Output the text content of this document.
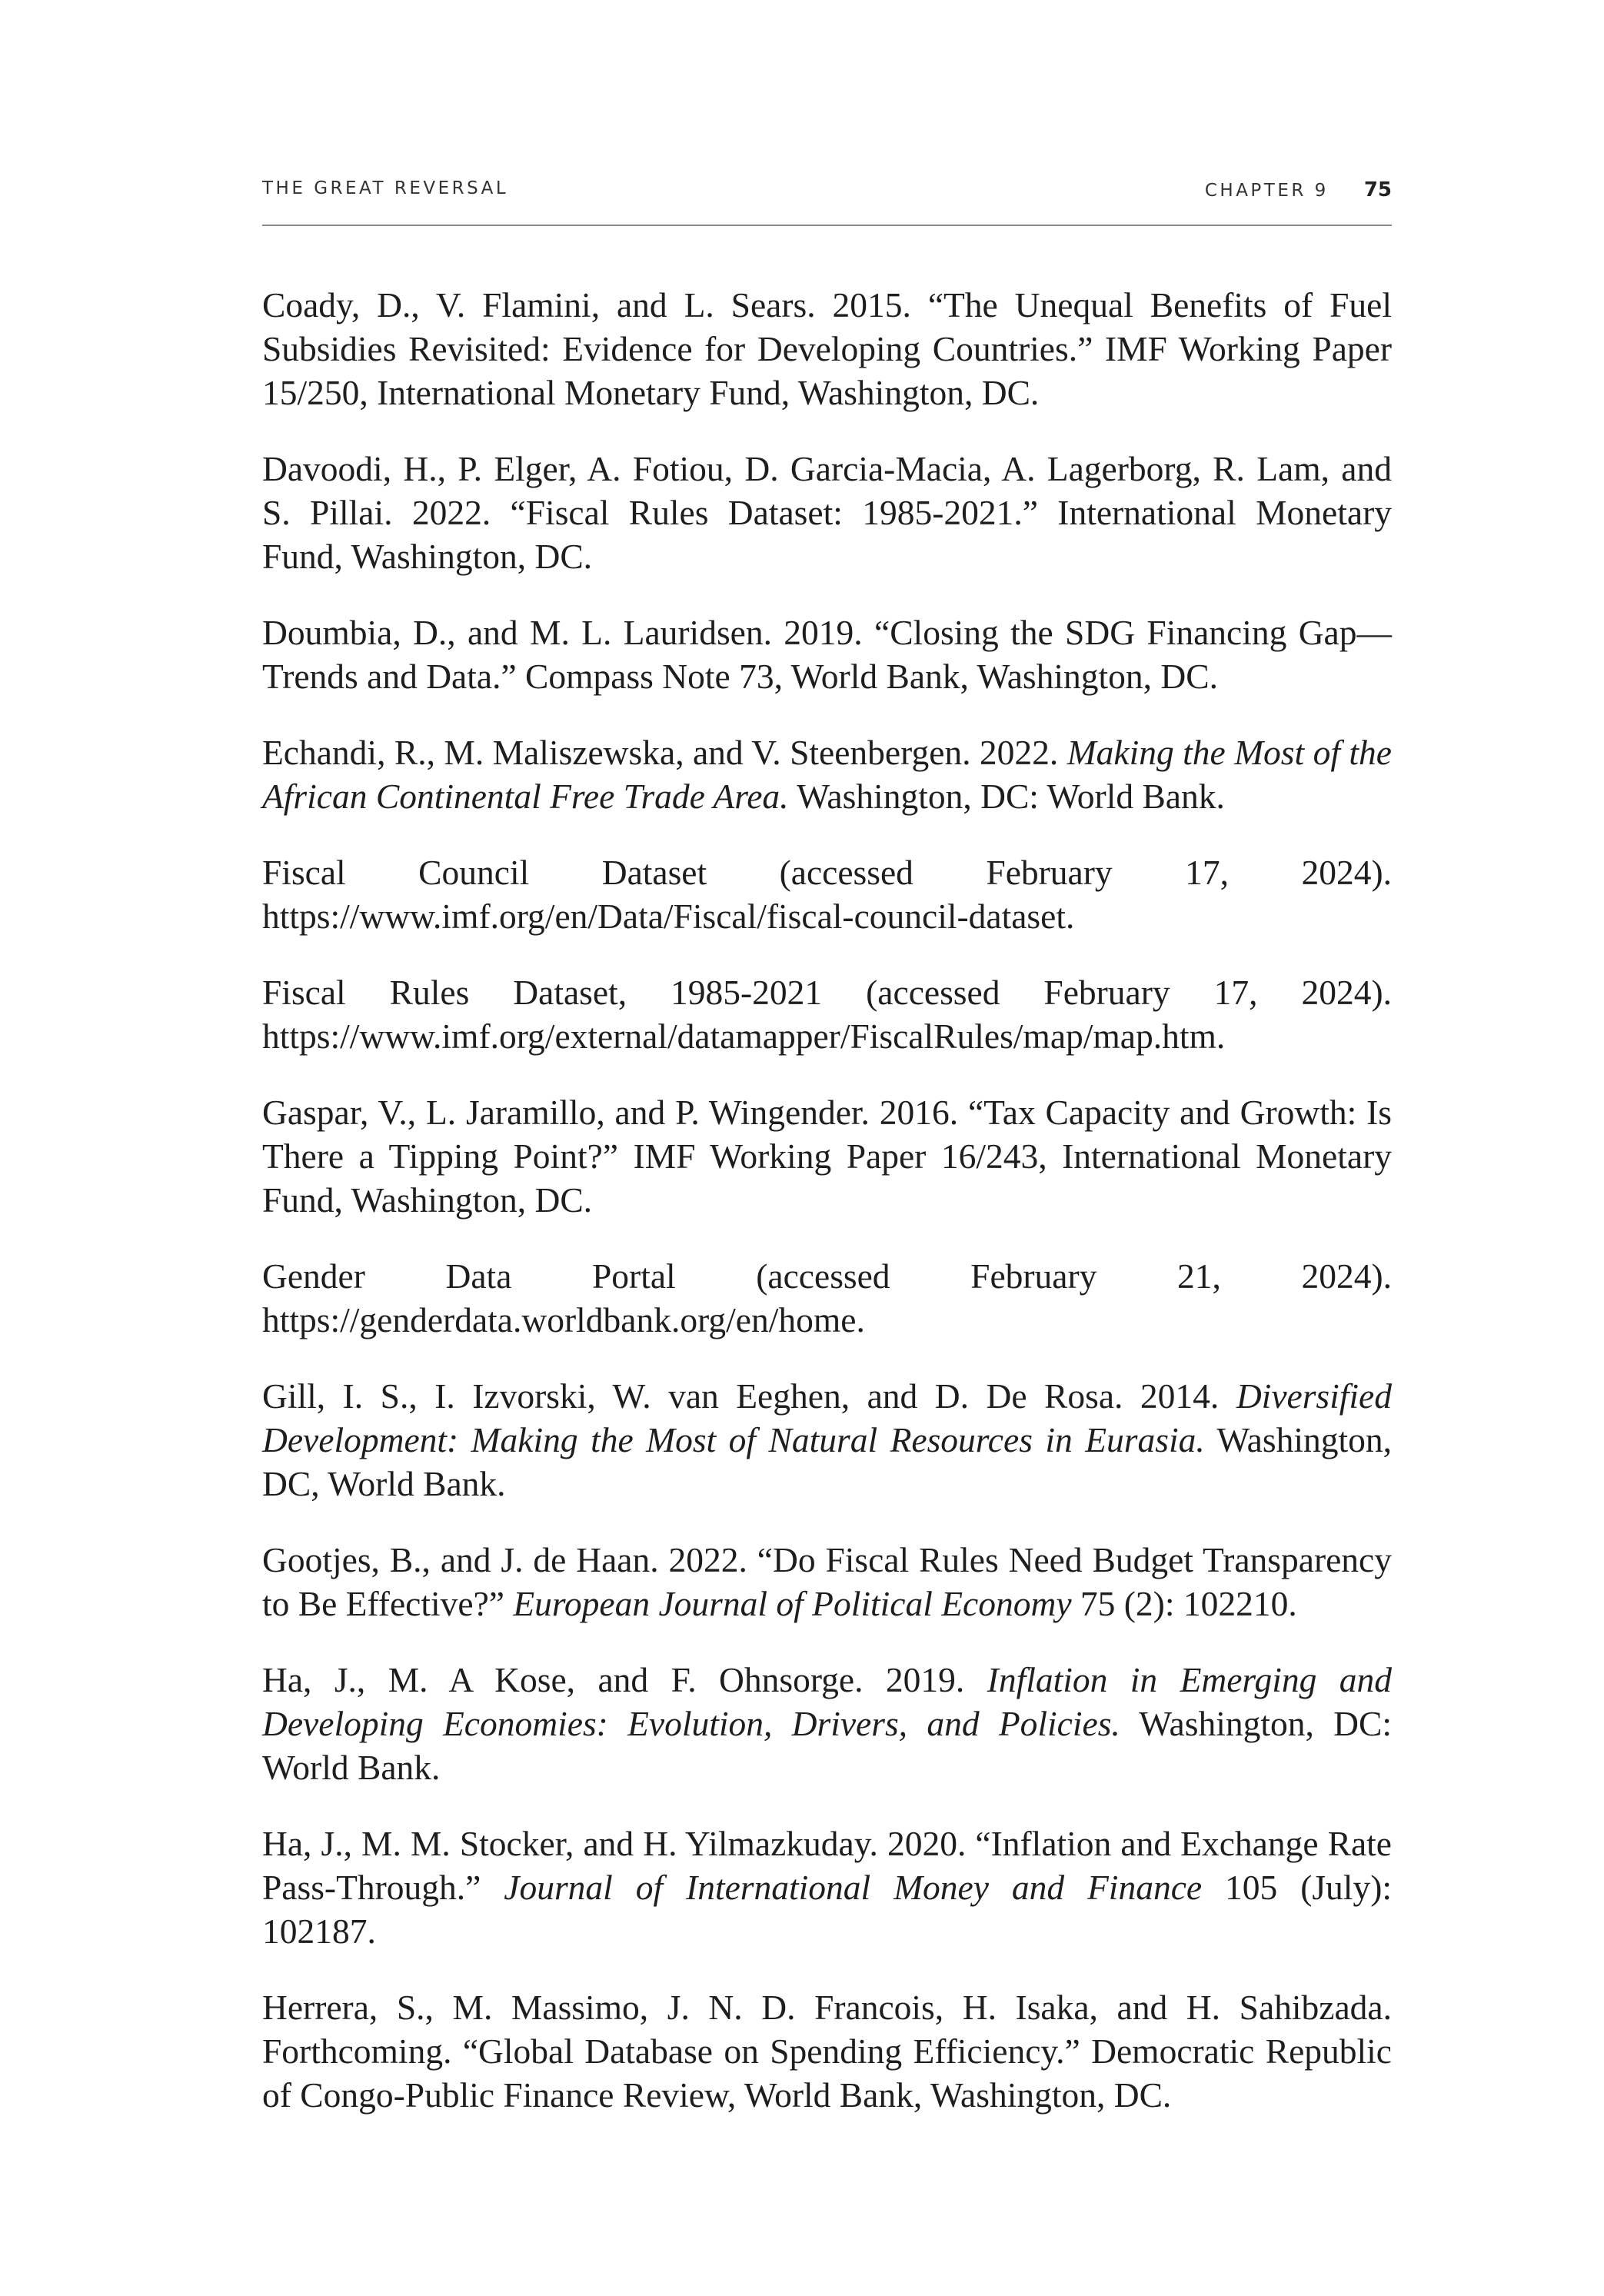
THE GREAT REVERSAL	CHAPTER 9 75

Coady, D., V. Flamini, and L. Sears. 2015. “The Unequal Benefits of Fuel Subsidies Revisited: Evidence for Developing Countries.” IMF Working Paper 15/250, International Monetary Fund, Washington, DC.

Davoodi, H., P. Elger, A. Fotiou, D. Garcia-Macia, A. Lagerborg, R. Lam, and S. Pillai. 2022. “Fiscal Rules Dataset: 1985-2021.” International Monetary Fund, Washington, DC.

Doumbia, D., and M. L. Lauridsen. 2019. “Closing the SDG Financing Gap—Trends and Data.” Compass Note 73, World Bank, Washington, DC.

Echandi, R., M. Maliszewska, and V. Steenbergen. 2022. Making the Most of the African Continental Free Trade Area. Washington, DC: World Bank.

Fiscal Council Dataset (accessed February 17, 2024). https://www.imf.org/en/Data/Fiscal/fiscal-council-dataset.

Fiscal Rules Dataset, 1985-2021 (accessed February 17, 2024). https://www.imf.org/external/datamapper/FiscalRules/map/map.htm.

Gaspar, V., L. Jaramillo, and P. Wingender. 2016. “Tax Capacity and Growth: Is There a Tipping Point?” IMF Working Paper 16/243, International Monetary Fund, Washington, DC.

Gender Data Portal (accessed February 21, 2024). https://genderdata.worldbank.org/en/home.

Gill, I. S., I. Izvorski, W. van Eeghen, and D. De Rosa. 2014. Diversified Development: Making the Most of Natural Resources in Eurasia. Washington, DC, World Bank.

Gootjes, B., and J. de Haan. 2022. “Do Fiscal Rules Need Budget Transparency to Be Effective?” European Journal of Political Economy 75 (2): 102210.

Ha, J., M. A Kose, and F. Ohnsorge. 2019. Inflation in Emerging and Developing Economies: Evolution, Drivers, and Policies. Washington, DC: World Bank.

Ha, J., M. M. Stocker, and H. Yilmazkuday. 2020. “Inflation and Exchange Rate Pass-Through.” Journal of International Money and Finance 105 (July): 102187.

Herrera, S., M. Massimo, J. N. D. Francois, H. Isaka, and H. Sahibzada. Forthcoming. “Global Database on Spending Efficiency.” Democratic Republic of Congo-Public Finance Review, World Bank, Washington, DC.
